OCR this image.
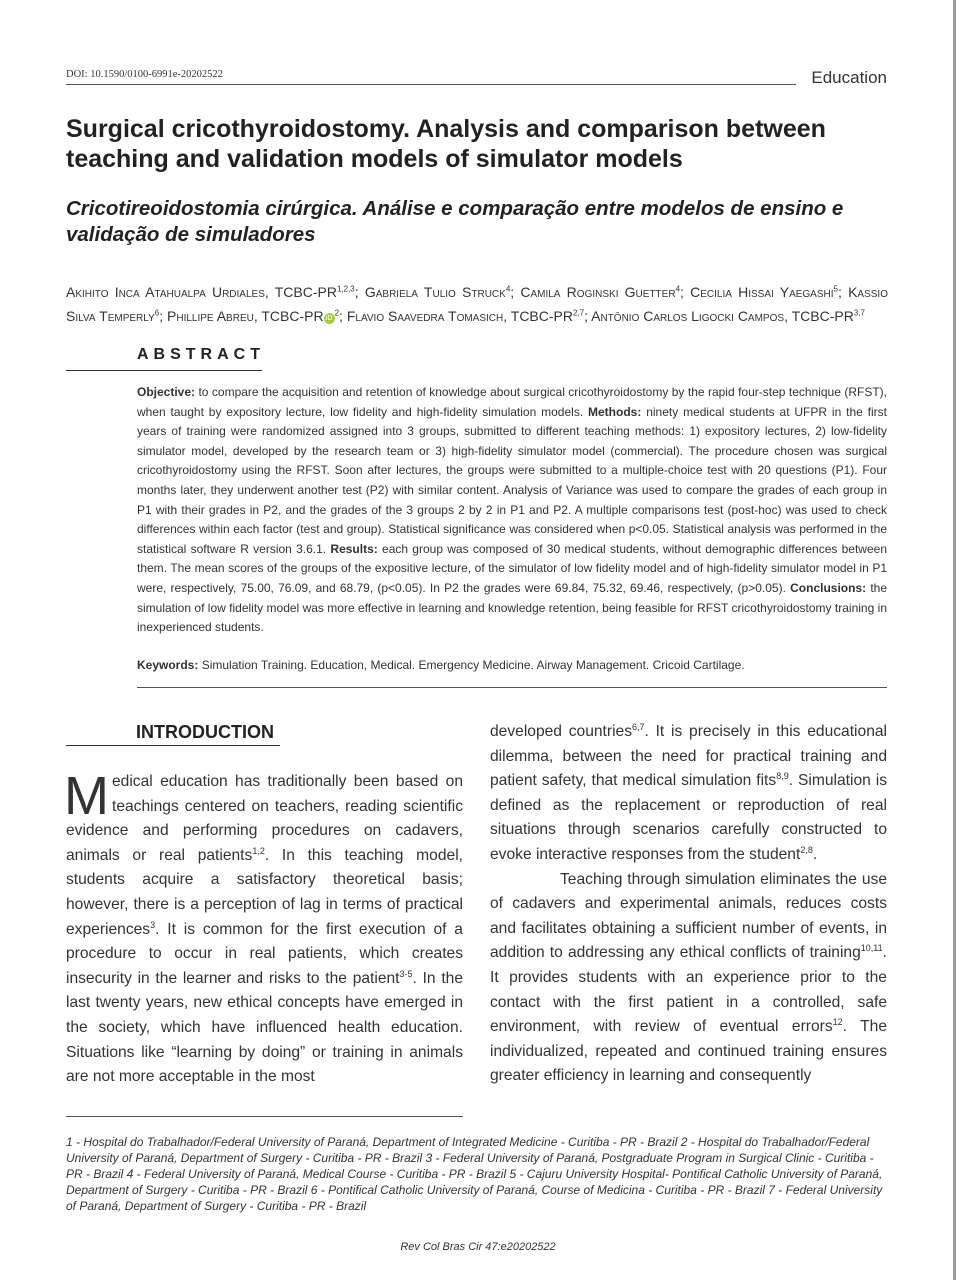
DOI: 10.1590/0100-6991e-20202522	Education
Surgical cricothyroidostomy. Analysis and comparison between teaching and validation models of simulator models
Cricotireoidostomia cirúrgica. Análise e comparação entre modelos de ensino e validação de simuladores
Akihito Inca Atahualpa Urdiales, TCBC-PR$^{1,2,3}$; Gabriela Tulio Struck$^4$; Camila Roginski Guetter$^4$; Cecilia Hissai Yaegashi$^5$; Kassio Silva Temperly$^6$; Phillipe Abreu, TCBC-PR $iD^2$; Flavio Saavedra Tomasich, TCBC-PR$^{2,7}$; Antônio Carlos Ligocki Campos, TCBC-PR$^{3,7}$
ABSTRACT

Objective: to compare the acquisition and retention of knowledge about surgical cricothyroidostomy by the rapid four-step technique (RFST), when taught by expository lecture, low fidelity and high-fidelity simulation models. Methods: ninety medical students at UFPR in the first years of training were randomized assigned into 3 groups, submitted to different teaching methods: 1) expository lectures, 2) low-fidelity simulator model, developed by the research team or 3) high-fidelity simulator model (commercial). The procedure chosen was surgical cricothyroidostomy using the RFST. Soon after lectures, the groups were submitted to a multiple-choice test with 20 questions (P1). Four months later, they underwent another test (P2) with similar content. Analysis of Variance was used to compare the grades of each group in P1 with their grades in P2, and the grades of the 3 groups 2 by 2 in P1 and P2. A multiple comparisons test (post-hoc) was used to check differences within each factor (test and group). Statistical significance was considered when p<0.05. Statistical analysis was performed in the statistical software R version 3.6.1. Results: each group was composed of 30 medical students, without demographic differences between them. The mean scores of the groups of the expositive lecture, of the simulator of low fidelity model and of high-fidelity simulator model in P1 were, respectively, 75.00, 76.09, and 68.79, (p<0.05). In P2 the grades were 69.84, 75.32, 69.46, respectively, (p>0.05). Conclusions: the simulation of low fidelity model was more effective in learning and knowledge retention, being feasible for RFST cricothyroidostomy training in inexperienced students.

Keywords: Simulation Training. Education, Medical. Emergency Medicine. Airway Management. Cricoid Cartilage.

INTRODUCTION

Medical education has traditionally been based on teachings centered on teachers, reading scientific evidence and performing procedures on cadavers, animals or real patients$^{1,2}$. In this teaching model, students acquire a satisfactory theoretical basis; however, there is a perception of lag in terms of practical experiences$^3$. It is common for the first execution of a procedure to occur in real patients, which creates insecurity in the learner and risks to the patient$^{3-5}$. In the last twenty years, new ethical concepts have emerged in the society, which have influenced health education. Situations like “learning by doing” or training in animals are not more acceptable in the most

developed countries$^{6,7}$. It is precisely in this educational dilemma, between the need for practical training and patient safety, that medical simulation fits$^{8,9}$. Simulation is defined as the replacement or reproduction of real situations through scenarios carefully constructed to evoke interactive responses from the student$^{2,8}$.
Teaching through simulation eliminates the use of cadavers and experimental animals, reduces costs and facilitates obtaining a sufficient number of events, in addition to addressing any ethical conflicts of training$^{10,11}$. It provides students with an experience prior to the contact with the first patient in a controlled, safe environment, with review of eventual errors$^{12}$. The individualized, repeated and continued training ensures greater efficiency in learning and consequently

1 - Hospital do Trabalhador/Federal University of Paraná, Department of Integrated Medicine - Curitiba - PR - Brazil 2 - Hospital do Trabalhador/Federal University of Paraná, Department of Surgery - Curitiba - PR - Brazil 3 - Federal University of Paraná, Postgraduate Program in Surgical Clinic - Curitiba - PR - Brazil 4 - Federal University of Paraná, Medical Course - Curitiba - PR - Brazil 5 - Cajuru University Hospital- Pontifical Catholic University of Paraná, Department of Surgery - Curitiba - PR - Brazil 6 - Pontifical Catholic University of Paraná, Course of Medicina - Curitiba - PR - Brazil 7 - Federal University of Paraná, Department of Surgery - Curitiba - PR - Brazil

Rev Col Bras Cir 47:e20202522
